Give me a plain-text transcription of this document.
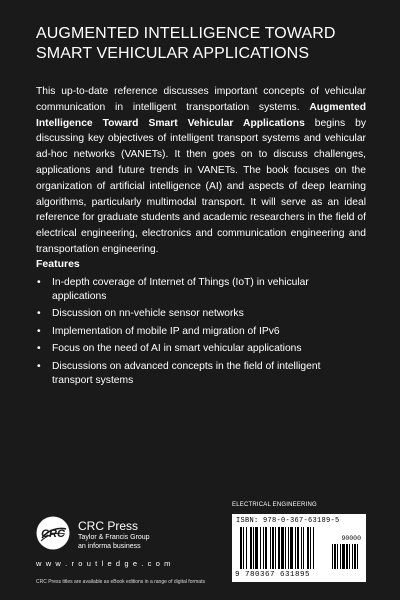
AUGMENTED INTELLIGENCE TOWARD
SMART VEHICULAR APPLICATIONS

This up-to-date reference discusses important concepts of vehicular communication in intelligent transportation systems. Augmented Intelligence Toward Smart Vehicular Applications begins by discussing key objectives of intelligent transport systems and vehicular ad-hoc networks (VANETs). It then goes on to discuss challenges, applications and future trends in VANETs. The book focuses on the organization of artificial intelligence (AI) and aspects of deep learning algorithms, particularly multimodal transport. It will serve as an ideal reference for graduate students and academic researchers in the field of electrical engineering, electronics and communication engineering and transportation engineering.

Features
• In-depth coverage of Internet of Things (IoT) in vehicular applications
• Discussion on nn-vehicle sensor networks
• Implementation of mobile IP and migration of IPv6
• Focus on the need of AI in smart vehicular applications
• Discussions on advanced concepts in the field of intelligent transport systems
CRC
CRC Press
Taylor & Francis Group
an informa business
w w w . r o u t l e d g e . c o m
CRC Press titles are available as eBook editions in a range of digital formats
ELECTRICAL ENGINEERING
ISBN: 978-0-367-63189-5
90000
9 780367 631895
